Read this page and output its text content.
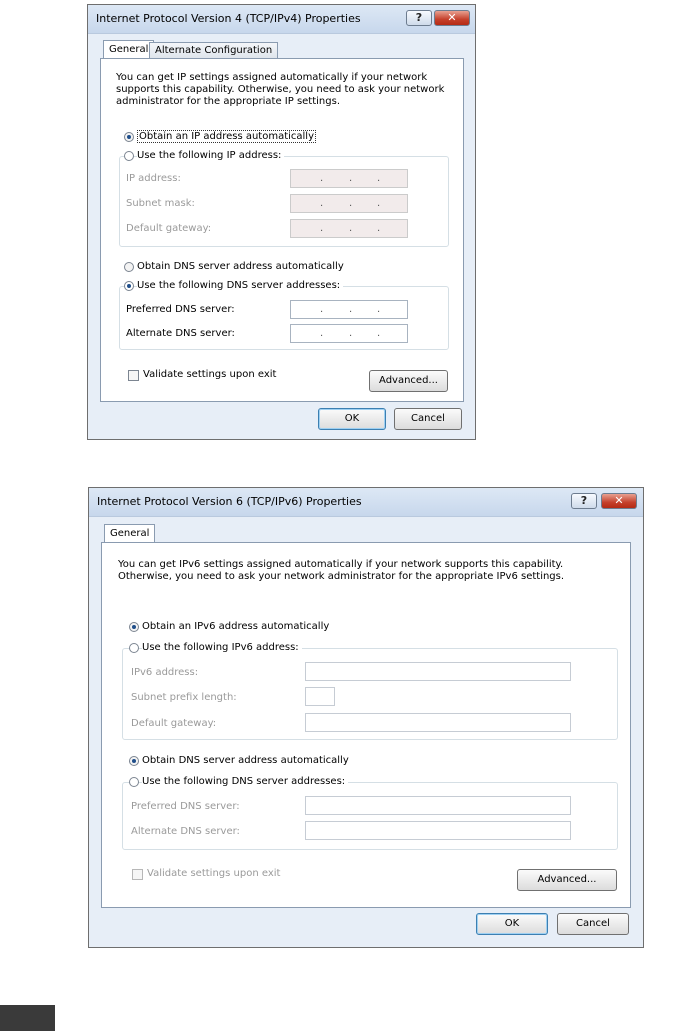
Internet Protocol Version 4 (TCP/IPv4) Properties	?	✕
General Alternate Configuration
You can get IP settings assigned automatically if your network supports this capability. Otherwise, you need to ask your network administrator for the appropriate IP settings.
Obtain an IP address automatically
Use the following IP address:
IP address:	.	. .
Subnet mask:	.	. .
Default gateway:	.	. .
Obtain DNS server address automatically
Use the following DNS server addresses:
Preferred DNS server:	.	. .
Alternate DNS server:	.	. .
Validate settings upon exit
Advanced...
OK	Cancel
Internet Protocol Version 6 (TCP/IPv6) Properties	?	✕
General
You can get IPv6 settings assigned automatically if your network supports this capability.
Otherwise, you need to ask your network administrator for the appropriate IPv6 settings.
Obtain an IPv6 address automatically
Use the following IPv6 address:
IPv6 address:
Subnet prefix length:
Default gateway:
Obtain DNS server address automatically
Use the following DNS server addresses:
Preferred DNS server:
Alternate DNS server:
Validate settings upon exit
Advanced...
OK	Cancel
